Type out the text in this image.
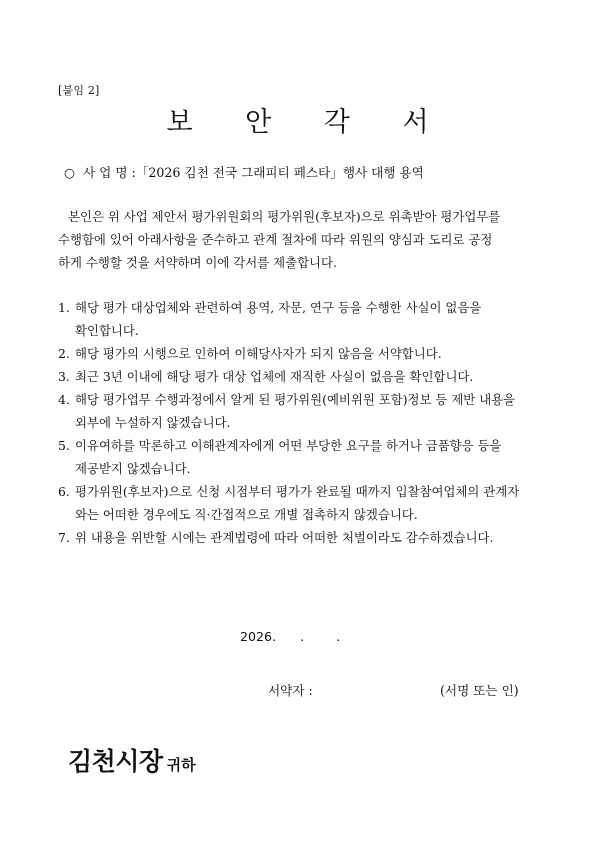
[붙임 2]
보 안 각 서
○ 사 업 명 :「2026 김천 전국 그래피티 페스타」행사 대행 용역
본인은 위 사업 제안서 평가위원회의 평가위원(후보자)으로 위촉받아 평가업무를
수행함에 있어 아래사항을 준수하고 관계 절차에 따라 위원의 양심과 도리로 공정
하게 수행할 것을 서약하며 이에 각서를 제출합니다.
1. 해당 평가 대상업체와 관련하여 용역, 자문, 연구 등을 수행한 사실이 없음을
확인합니다.
2. 해당 평가의 시행으로 인하여 이해당사자가 되지 않음을 서약합니다.
3. 최근 3년 이내에 해당 평가 대상 업체에 재직한 사실이 없음을 확인합니다.
4. 해당 평가업무 수행과정에서 알게 된 평가위원(예비위원 포함)정보 등 제반 내용을
외부에 누설하지 않겠습니다.
5. 이유여하를 막론하고 이해관계자에게 어떤 부당한 요구를 하거나 금품향응 등을
제공받지 않겠습니다.
6. 평가위원(후보자)으로 신청 시점부터 평가가 완료될 때까지 입찰참여업체의 관계자
와는 어떠한 경우에도 직·간접적으로 개별 접촉하지 않겠습니다.
7. 위 내용을 위반할 시에는 관계법령에 따라 어떠한 처벌이라도 감수하겠습니다.
2026.      .        .
서약자 :	(서명 또는 인)
김천시장 귀하
